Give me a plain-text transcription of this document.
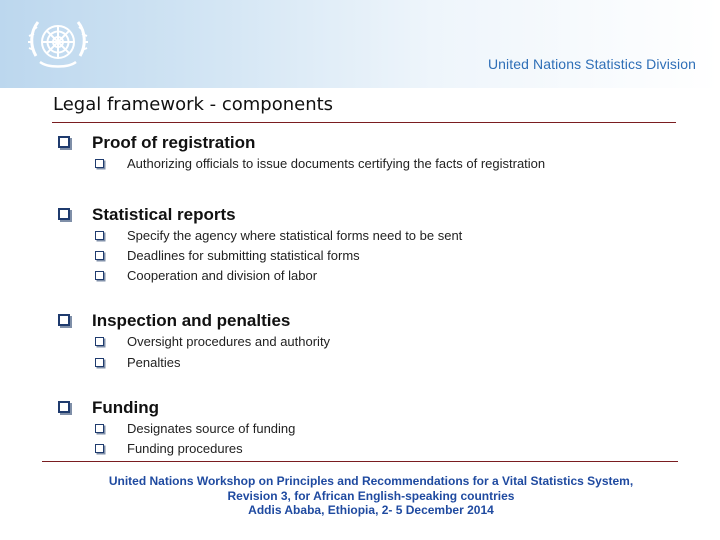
United Nations Statistics Division
Legal framework - components
Proof of registration
Authorizing officials to issue documents certifying the facts of registration
Statistical reports
Specify the agency where statistical forms need to be sent
Deadlines for submitting statistical forms
Cooperation and division of labor
Inspection and penalties
Oversight procedures and authority
Penalties
Funding
Designates source of funding
Funding procedures
United Nations Workshop on Principles and Recommendations for a Vital Statistics System,
Revision 3, for African English-speaking countries
Addis Ababa, Ethiopia, 2- 5 December 2014
